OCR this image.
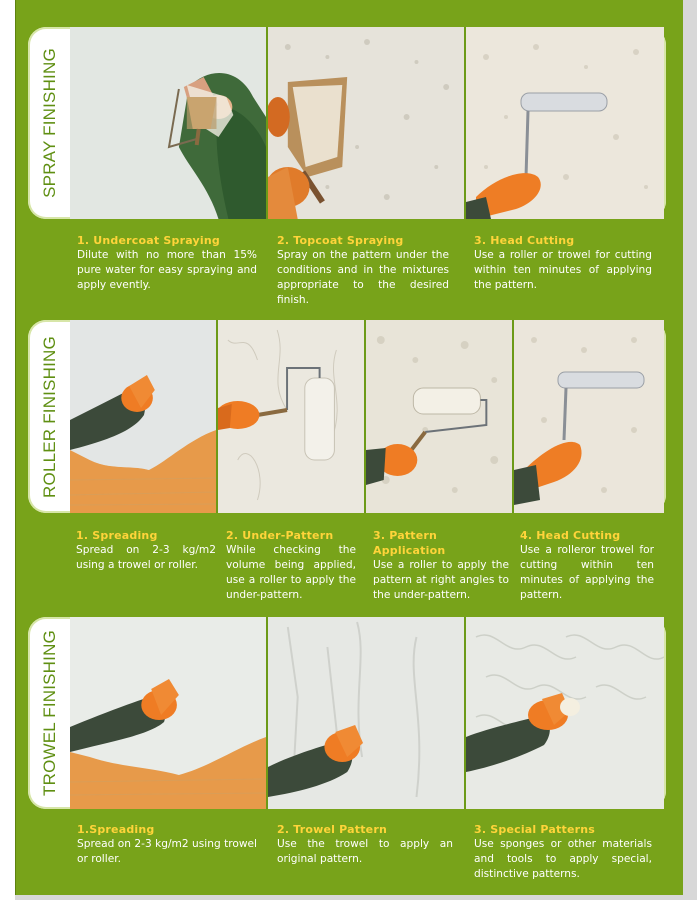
SPRAY FINISHING
1. Undercoat Spraying
Dilute with no more than 15% pure water for easy spraying and apply evently.
2. Topcoat Spraying
Spray on the pattern under the conditions and in the mixtures appropriate to the desired finish.
3. Head Cutting
Use a roller or trowel for cutting within ten minutes of applying the pattern.
ROLLER FINISHING
1. Spreading
Spread on 2-3 kg/m2 using a trowel or roller.
2. Under-Pattern
While checking the volume being applied, use a roller to apply the under-pattern.
3. Pattern Application
Use a roller to apply the pattern at right angles to the under-pattern.
4. Head Cutting
Use a rolleror trowel for cutting within ten minutes of applying the pattern.
TROWEL FINISHING
1.Spreading
Spread on 2-3 kg/m2 using trowel or roller.
2. Trowel Pattern
Use the trowel to apply an original pattern.
3. Special Patterns
Use sponges or other materials and tools to apply special, distinctive patterns.
